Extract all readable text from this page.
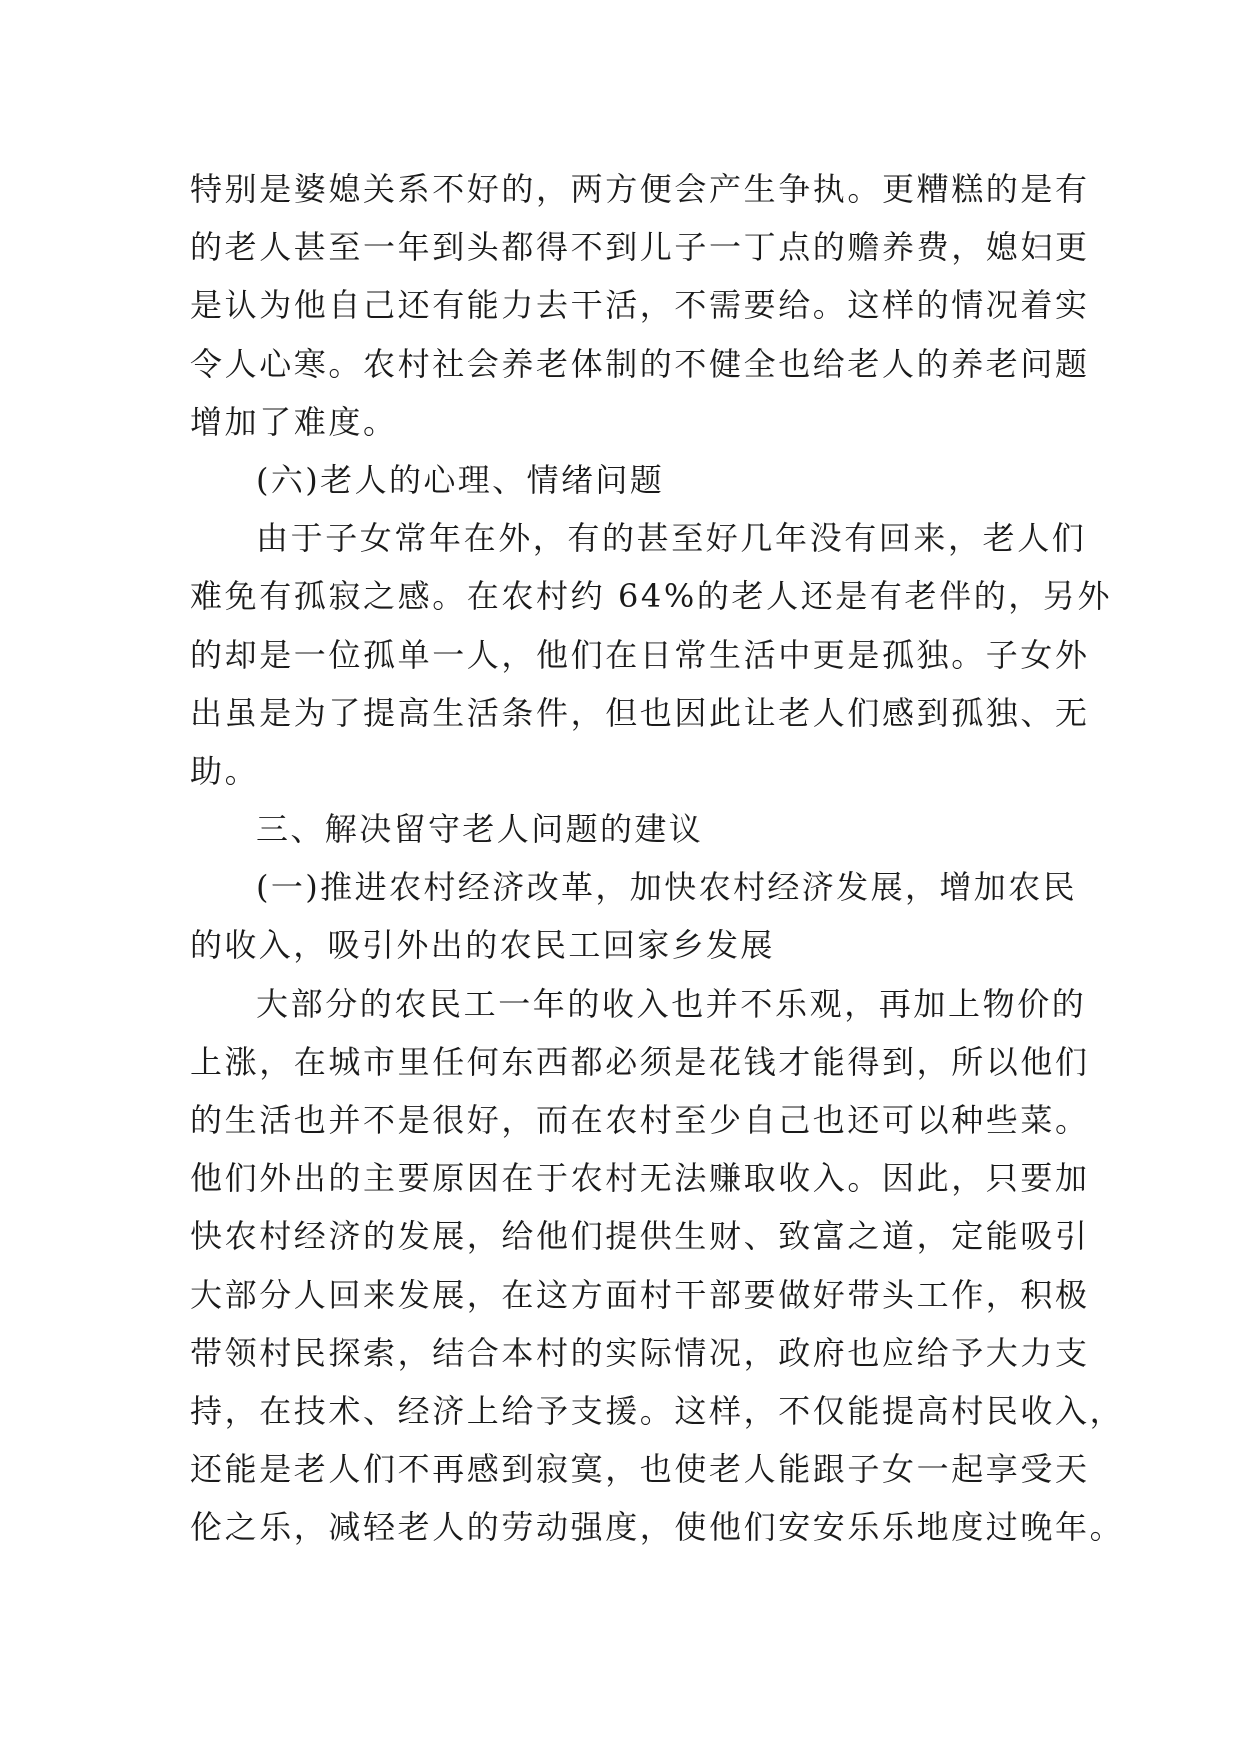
特别是婆媳关系不好的，两方便会产生争执。更糟糕的是有
的老人甚至一年到头都得不到儿子一丁点的赡养费，媳妇更
是认为他自己还有能力去干活，不需要给。这样的情况着实
令人心寒。农村社会养老体制的不健全也给老人的养老问题
增加了难度。
(六)老人的心理、情绪问题
由于子女常年在外，有的甚至好几年没有回来，老人们
难免有孤寂之感。在农村约 64%的老人还是有老伴的，另外
的却是一位孤单一人，他们在日常生活中更是孤独。子女外
出虽是为了提高生活条件，但也因此让老人们感到孤独、无
助。
三、解决留守老人问题的建议
(一)推进农村经济改革，加快农村经济发展，增加农民
的收入，吸引外出的农民工回家乡发展
大部分的农民工一年的收入也并不乐观，再加上物价的
上涨，在城市里任何东西都必须是花钱才能得到，所以他们
的生活也并不是很好，而在农村至少自己也还可以种些菜。
他们外出的主要原因在于农村无法赚取收入。因此，只要加
快农村经济的发展，给他们提供生财、致富之道，定能吸引
大部分人回来发展，在这方面村干部要做好带头工作，积极
带领村民探索，结合本村的实际情况，政府也应给予大力支
持，在技术、经济上给予支援。这样，不仅能提高村民收入，
还能是老人们不再感到寂寞，也使老人能跟子女一起享受天
伦之乐，减轻老人的劳动强度，使他们安安乐乐地度过晚年。
